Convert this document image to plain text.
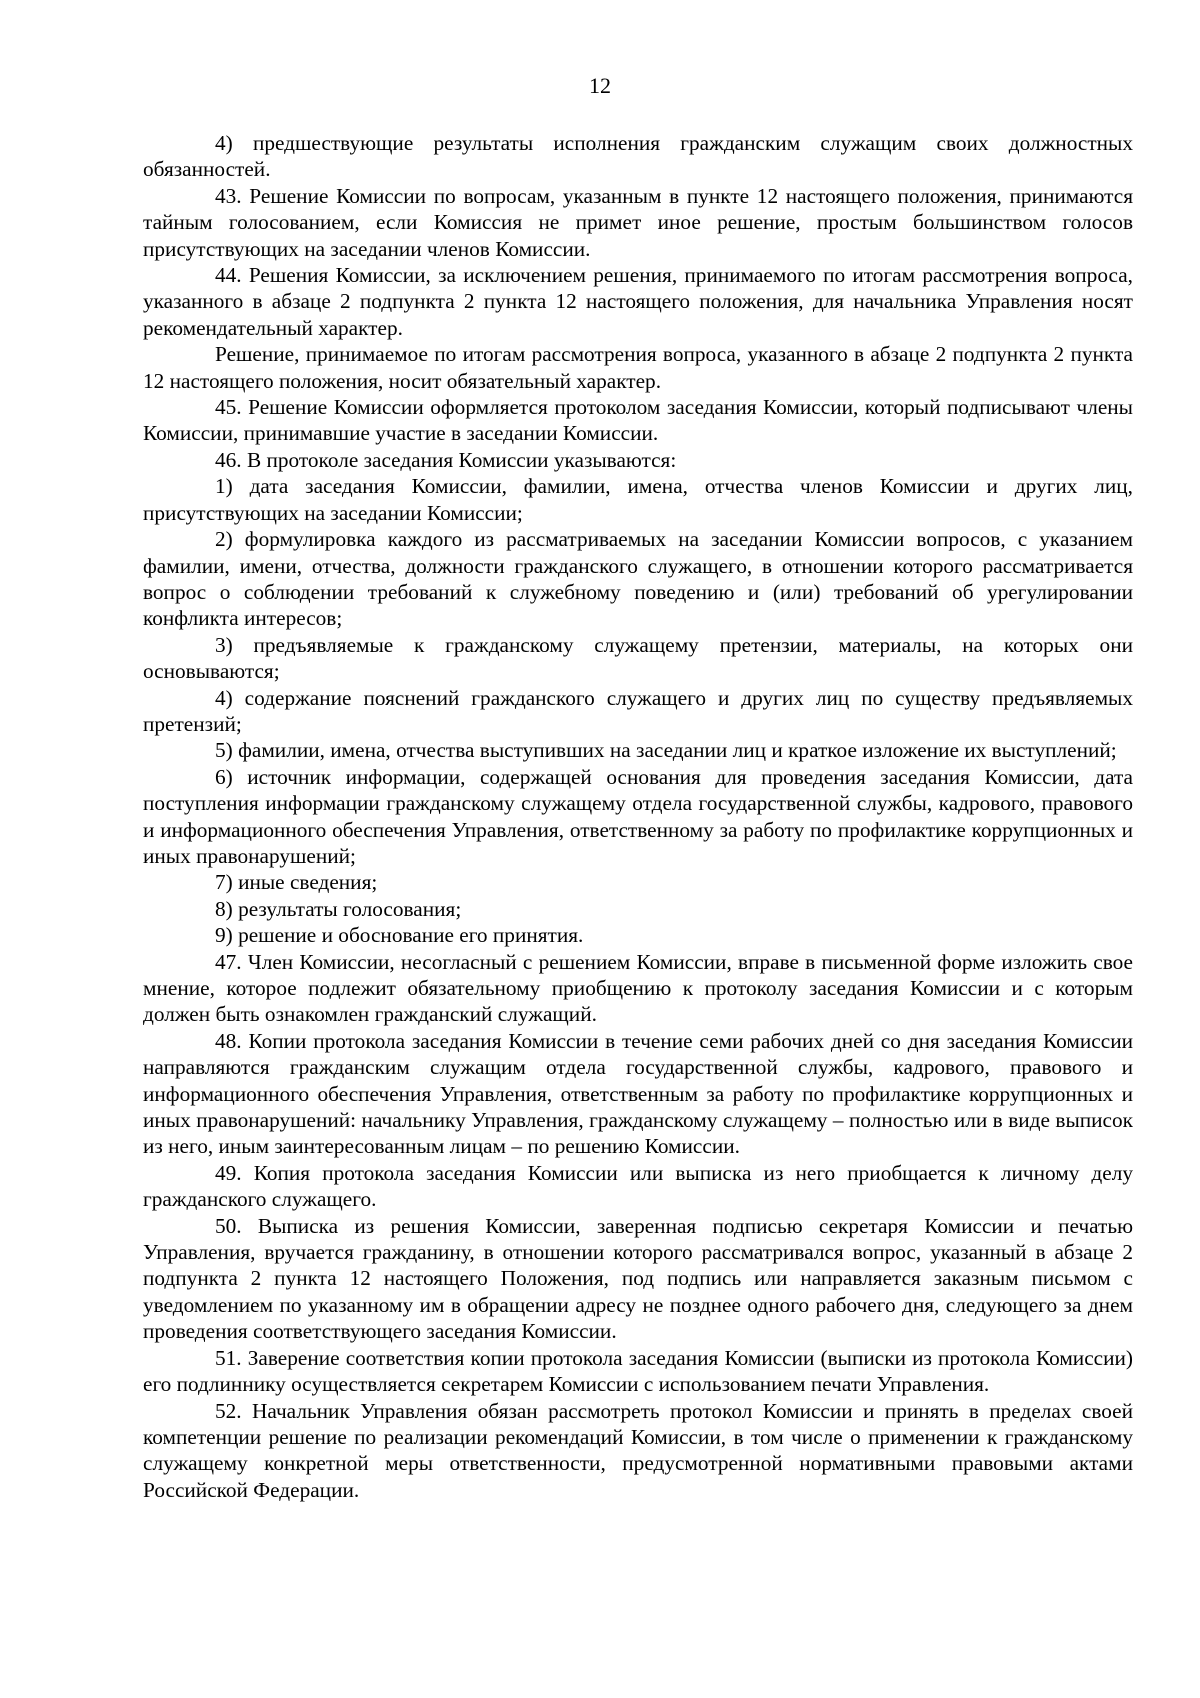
12

4) предшествующие результаты исполнения гражданским служащим своих должностных обязанностей.

43. Решение Комиссии по вопросам, указанным в пункте 12 настоящего положения, принимаются тайным голосованием, если Комиссия не примет иное решение, простым большинством голосов присутствующих на заседании членов Комиссии.

44. Решения Комиссии, за исключением решения, принимаемого по итогам рассмотрения вопроса, указанного в абзаце 2 подпункта 2 пункта 12 настоящего положения, для начальника Управления носят рекомендательный характер.

Решение, принимаемое по итогам рассмотрения вопроса, указанного в абзаце 2 подпункта 2 пункта 12 настоящего положения, носит обязательный характер.

45. Решение Комиссии оформляется протоколом заседания Комиссии, который подписывают члены Комиссии, принимавшие участие в заседании Комиссии.

46. В протоколе заседания Комиссии указываются:

1) дата заседания Комиссии, фамилии, имена, отчества членов Комиссии и других лиц, присутствующих на заседании Комиссии;

2) формулировка каждого из рассматриваемых на заседании Комиссии вопросов, с указанием фамилии, имени, отчества, должности гражданского служащего, в отношении которого рассматривается вопрос о соблюдении требований к служебному поведению и (или) требований об урегулировании конфликта интересов;

3) предъявляемые к гражданскому служащему претензии, материалы, на которых они основываются;

4) содержание пояснений гражданского служащего и других лиц по существу предъявляемых претензий;

5) фамилии, имена, отчества выступивших на заседании лиц и краткое изложение их выступлений;

6) источник информации, содержащей основания для проведения заседания Комиссии, дата поступления информации гражданскому служащему отдела государственной службы, кадрового, правового и информационного обеспечения Управления, ответственному за работу по профилактике коррупционных и иных правонарушений;

7) иные сведения;

8) результаты голосования;

9) решение и обоснование его принятия.

47. Член Комиссии, несогласный с решением Комиссии, вправе в письменной форме изложить свое мнение, которое подлежит обязательному приобщению к протоколу заседания Комиссии и с которым должен быть ознакомлен гражданский служащий.

48. Копии протокола заседания Комиссии в течение семи рабочих дней со дня заседания Комиссии направляются гражданским служащим отдела государственной службы, кадрового, правового и информационного обеспечения Управления, ответственным за работу по профилактике коррупционных и иных правонарушений: начальнику Управления, гражданскому служащему – полностью или в виде выписок из него, иным заинтересованным лицам – по решению Комиссии.

49. Копия протокола заседания Комиссии или выписка из него приобщается к личному делу гражданского служащего.

50. Выписка из решения Комиссии, заверенная подписью секретаря Комиссии и печатью Управления, вручается гражданину, в отношении которого рассматривался вопрос, указанный в абзаце 2 подпункта 2 пункта 12 настоящего Положения, под подпись или направляется заказным письмом с уведомлением по указанному им в обращении адресу не позднее одного рабочего дня, следующего за днем проведения соответствующего заседания Комиссии.

51. Заверение соответствия копии протокола заседания Комиссии (выписки из протокола Комиссии) его подлиннику осуществляется секретарем Комиссии с использованием печати Управления.

52. Начальник Управления обязан рассмотреть протокол Комиссии и принять в пределах своей компетенции решение по реализации рекомендаций Комиссии, в том числе о применении к гражданскому служащему конкретной меры ответственности, предусмотренной нормативными правовыми актами Российской Федерации.
